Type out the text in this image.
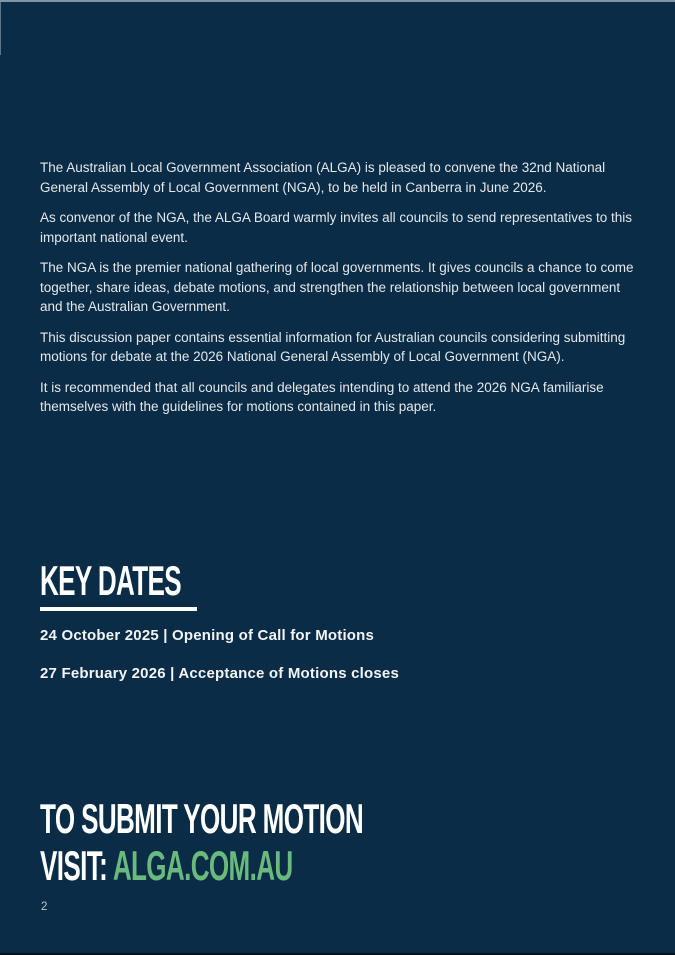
The Australian Local Government Association (ALGA) is pleased to convene the 32nd National General Assembly of Local Government (NGA), to be held in Canberra in June 2026.

As convenor of the NGA, the ALGA Board warmly invites all councils to send representatives to this important national event.

The NGA is the premier national gathering of local governments. It gives councils a chance to come together, share ideas, debate motions, and strengthen the relationship between local government and the Australian Government.

This discussion paper contains essential information for Australian councils considering submitting motions for debate at the 2026 National General Assembly of Local Government (NGA).

It is recommended that all councils and delegates intending to attend the 2026 NGA familiarise themselves with the guidelines for motions contained in this paper.

KEY DATES

24 October 2025 | Opening of Call for Motions

27 February 2026 | Acceptance of Motions closes

TO SUBMIT YOUR MOTION
VISIT: ALGA.COM.AU
2
